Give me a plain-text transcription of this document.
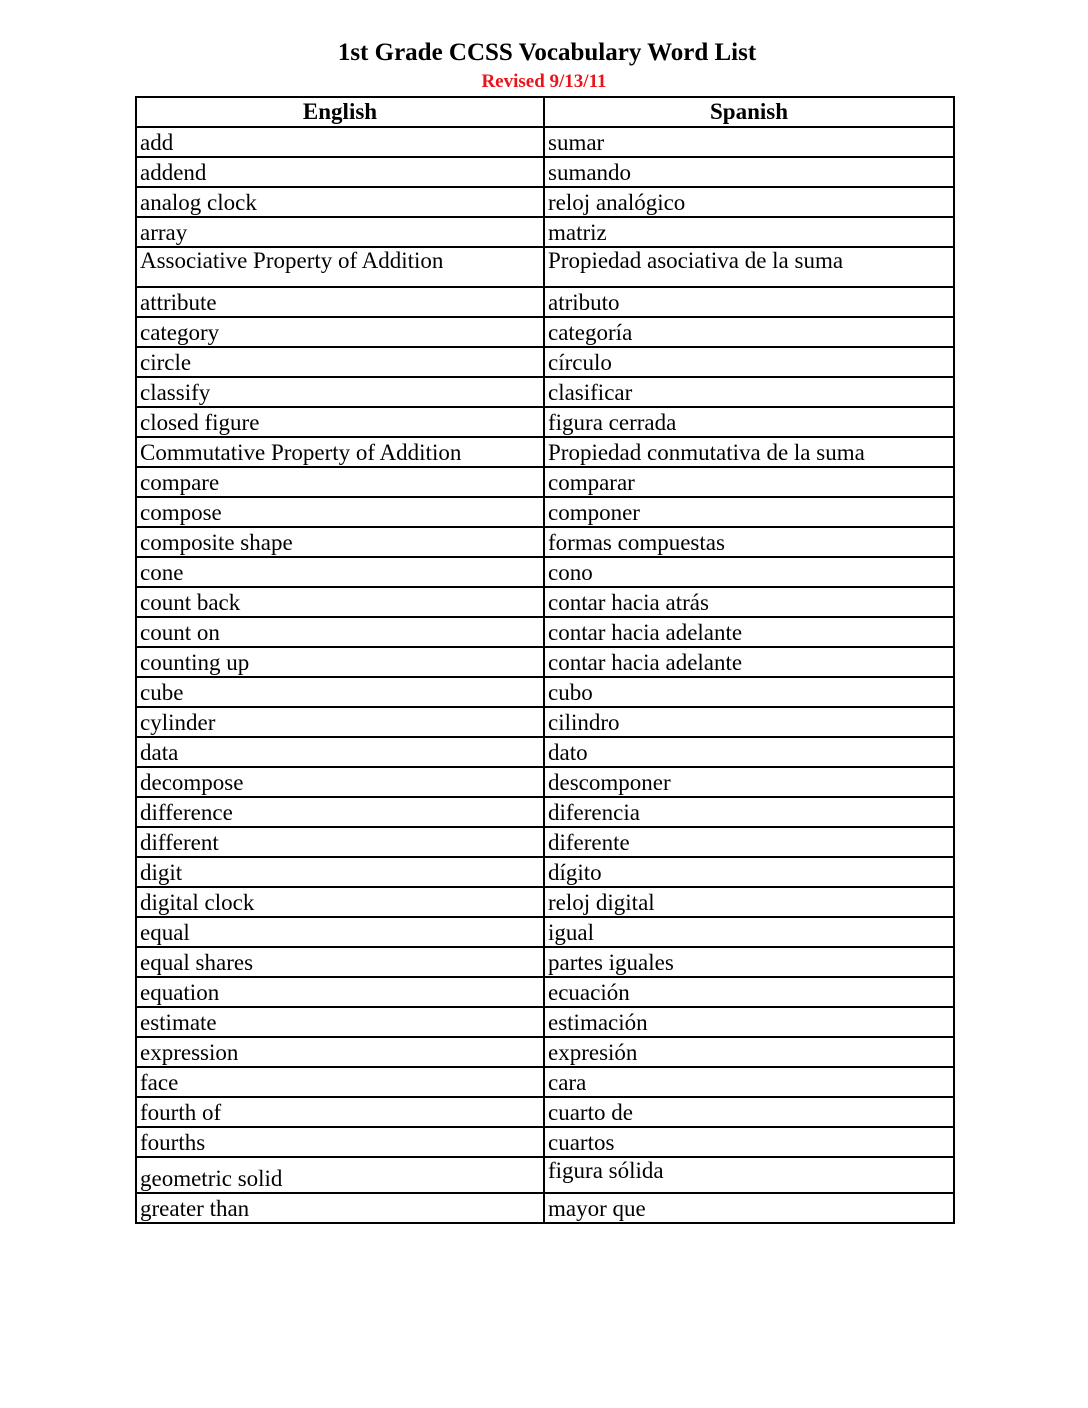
1st Grade CCSS Vocabulary Word List
Revised 9/13/11
English	Spanish
add	sumar
addend	sumando
analog clock	reloj analógico
array	matriz
Associative Property of Addition	Propiedad asociativa de la suma
attribute	atributo
category	categoría
circle	círculo
classify	clasificar
closed figure	figura cerrada
Commutative Property of Addition	Propiedad conmutativa de la suma
compare	comparar
compose	componer
composite shape	formas compuestas
cone	cono
count back	contar hacia atrás
count on	contar hacia adelante
counting up	contar hacia adelante
cube	cubo
cylinder	cilindro
data	dato
decompose	descomponer
difference	diferencia
different	diferente
digit	dígito
digital clock	reloj digital
equal	igual
equal shares	partes iguales
equation	ecuación
estimate	estimación
expression	expresión
face	cara
fourth of	cuarto de
fourths	cuartos
geometric solid	figura sólida
greater than	mayor que
